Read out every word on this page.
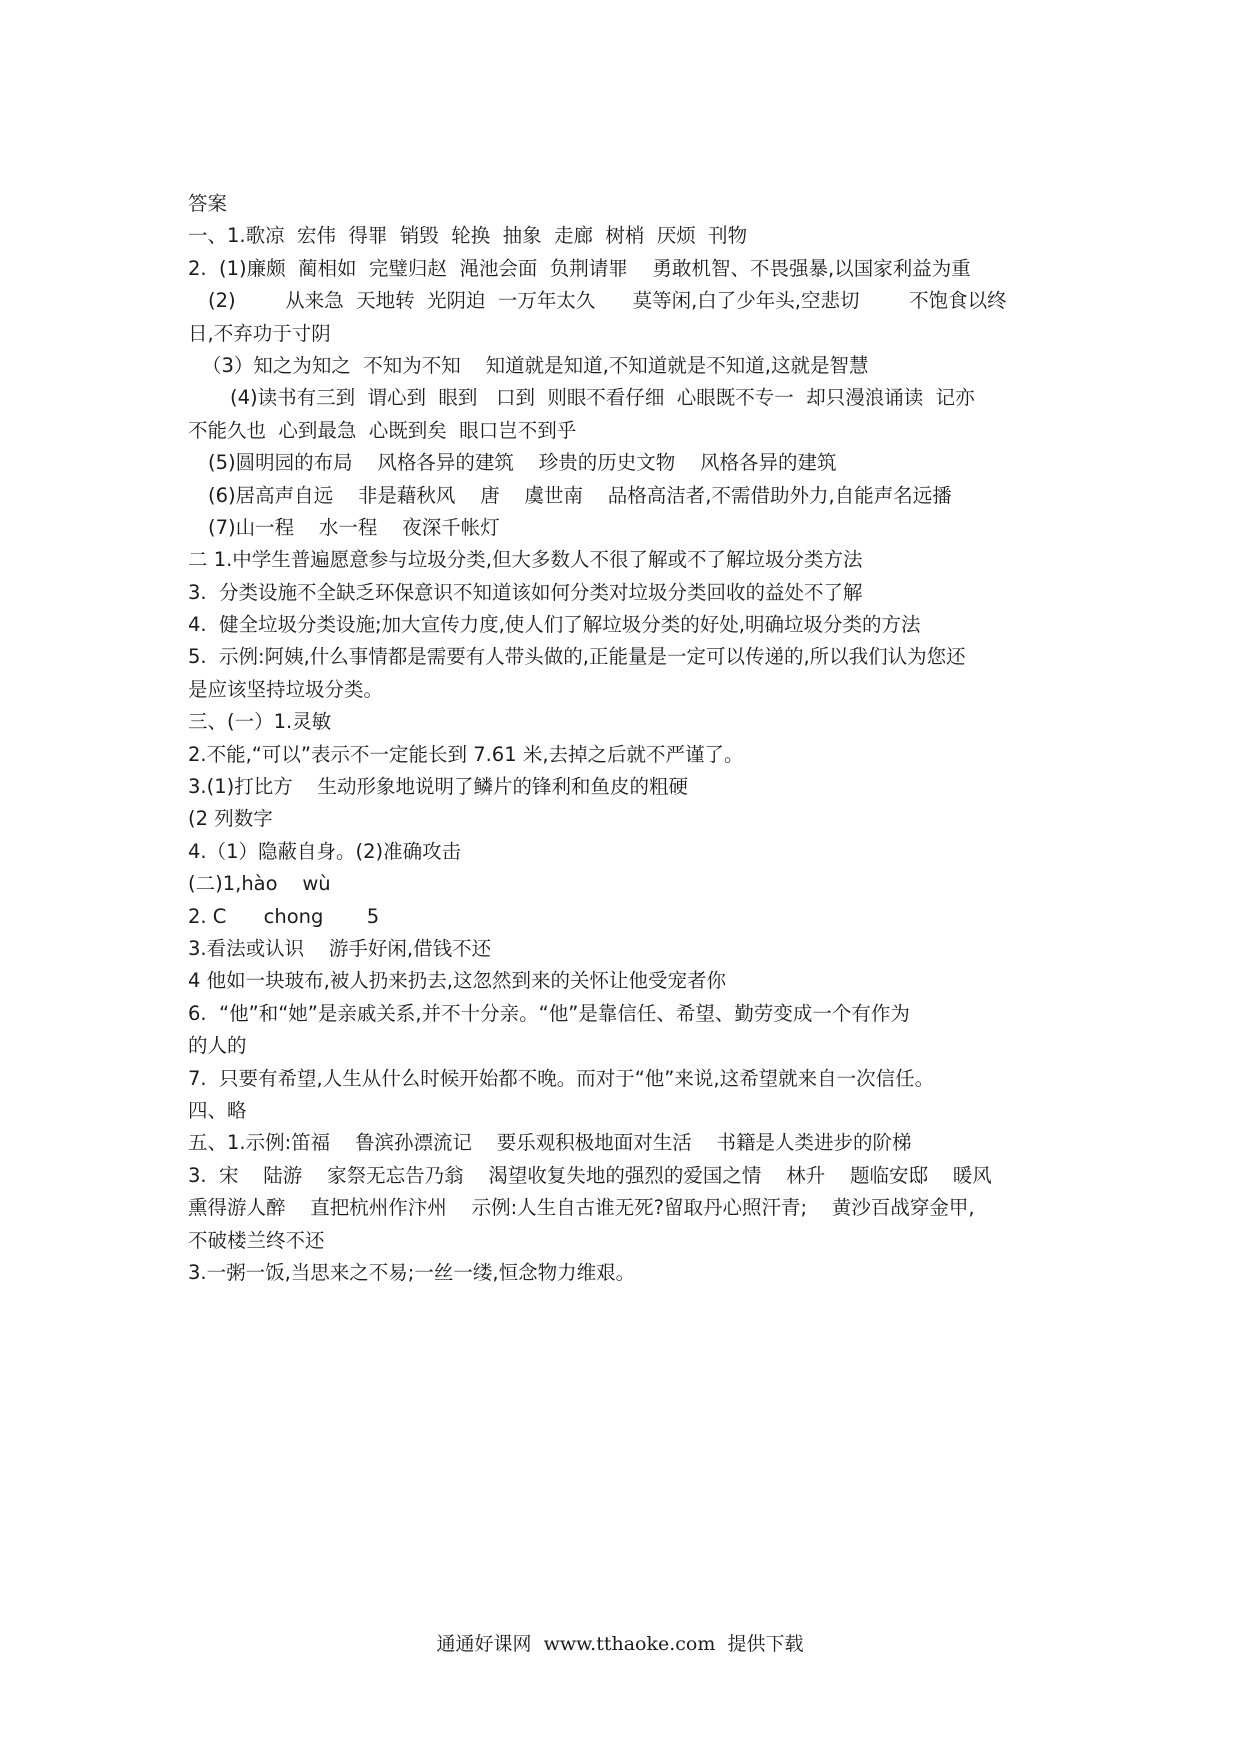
答案
一、1.歌凉  宏伟  得罪  销毁  轮换  抽象  走廊  树梢  厌烦  刊物
2.  (1)廉颇  蔺相如  完璧归赵  渑池会面  负荆请罪    勇敢机智、不畏强暴,以国家利益为重
(2)        从来急  天地转  光阴迫  一万年太久      莫等闲,白了少年头,空悲切        不饱食以终
日,不弃功于寸阴
（3）知之为知之  不知为不知    知道就是知道,不知道就是不知道,这就是智慧
(4)读书有三到  谓心到  眼到   口到  则眼不看仔细  心眼既不专一  却只漫浪诵读  记亦
不能久也  心到最急  心既到矣  眼口岂不到乎
(5)圆明园的布局    风格各异的建筑    珍贵的历史文物    风格各异的建筑
(6)居高声自远    非是藉秋风    唐    虞世南    品格高洁者,不需借助外力,自能声名远播
(7)山一程    水一程    夜深千帐灯
二 1.中学生普遍愿意参与垃圾分类,但大多数人不很了解或不了解垃圾分类方法
3.  分类设施不全缺乏环保意识不知道该如何分类对垃圾分类回收的益处不了解
4.  健全垃圾分类设施;加大宣传力度,使人们了解垃圾分类的好处,明确垃圾分类的方法
5.  示例:阿姨,什么事情都是需要有人带头做的,正能量是一定可以传递的,所以我们认为您还
是应该坚持垃圾分类。
三、(一）1.灵敏
2.不能,“可以”表示不一定能长到 7.61 米,去掉之后就不严谨了。
3.(1)打比方    生动形象地说明了鳞片的锋利和鱼皮的粗硬
(2 列数字
4.（1）隐蔽自身。(2)准确攻击
(二)1,hào    wù
2. C      chong       5
3.看法或认识    游手好闲,借钱不还
4 他如一块玻布,被人扔来扔去,这忽然到来的关怀让他受宠者你
6.  “他”和“她”是亲戚关系,并不十分亲。“他”是靠信任、希望、勤劳变成一个有作为
的人的
7.  只要有希望,人生从什么时候开始都不晚。而对于“他”来说,这希望就来自一次信任。
四、略
五、1.示例:笛福    鲁滨孙漂流记    要乐观积极地面对生活    书籍是人类进步的阶梯
3.  宋    陆游    家祭无忘告乃翁    渴望收复失地的强烈的爱国之情    林升    题临安邸    暖风
熏得游人醉    直把杭州作汴州    示例:人生自古谁无死?留取丹心照汗青;    黄沙百战穿金甲,
不破楼兰终不还
3.一粥一饭,当思来之不易;一丝一缕,恒念物力维艰。
通通好课网  www.tthaoke.com  提供下载
